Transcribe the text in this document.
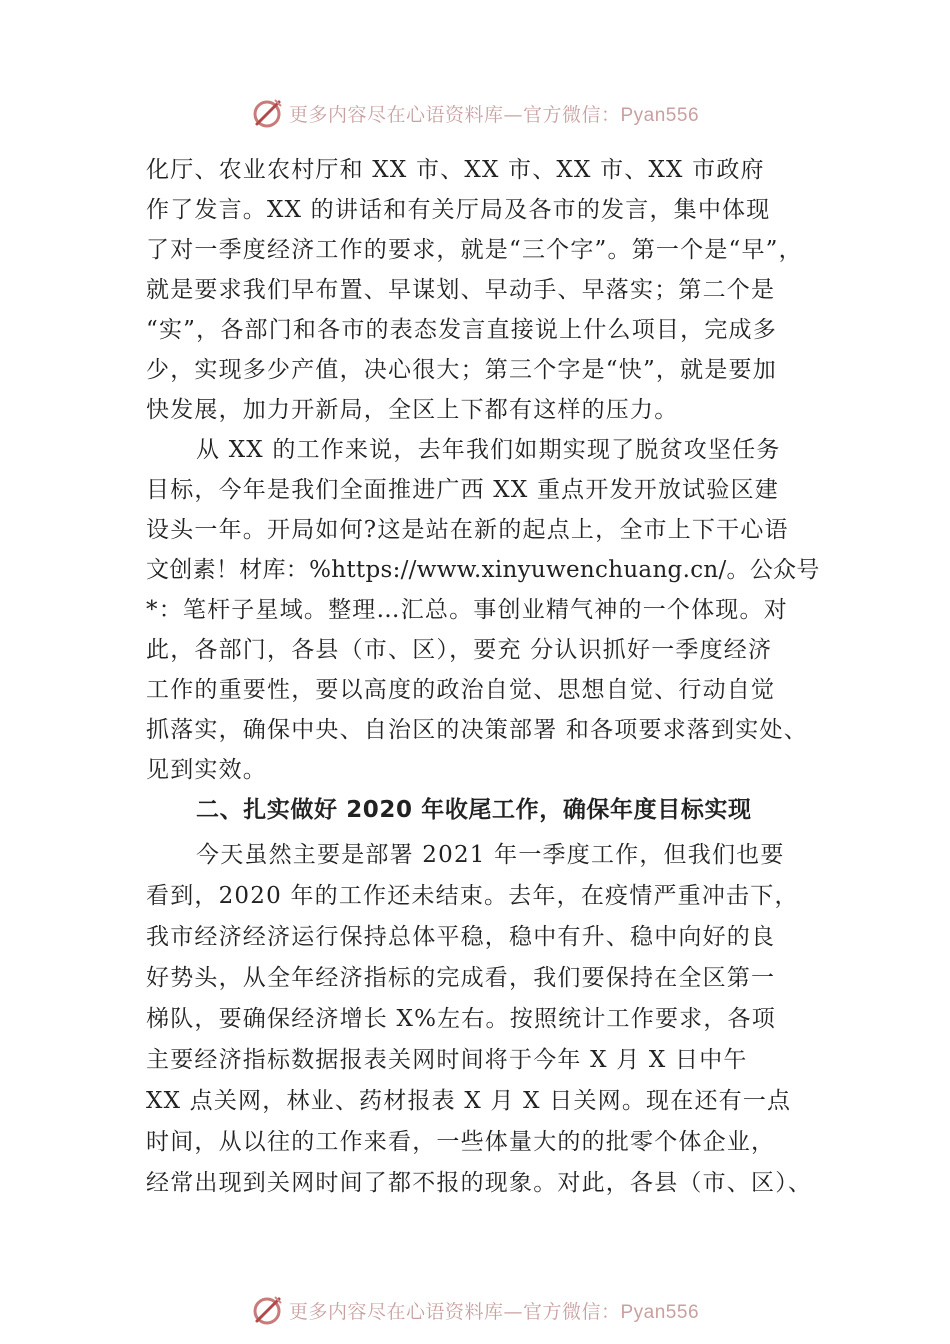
更多内容尽在心语资料库—官方微信：Pyan556
化厅、农业农村厅和 XX 市、XX 市、XX 市、XX 市政府
作了发言。XX 的讲话和有关厅局及各市的发言，集中体现
了对一季度经济工作的要求，就是“三个字”。第一个是“早”，
就是要求我们早布置、早谋划、早动手、早落实；第二个是
“实”，各部门和各市的表态发言直接说上什么项目，完成多
少，实现多少产值，决心很大；第三个字是“快”，就是要加
快发展，加力开新局，全区上下都有这样的压力。
从 XX 的工作来说，去年我们如期实现了脱贫攻坚任务
目标，今年是我们全面推进广西 XX 重点开发开放试验区建
设头一年。开局如何?这是站在新的起点上，全市上下干心语
文创素！材库：%https://www.xinyuwenchuang.cn/。公众号
*：笔杆子星域。整理…汇总。事创业精气神的一个体现。对
此，各部门，各县（市、区），要充 分认识抓好一季度经济
工作的重要性，要以高度的政治自觉、思想自觉、行动自觉
抓落实，确保中央、自治区的决策部署 和各项要求落到实处、
见到实效。
二、扎实做好 2020 年收尾工作，确保年度目标实现
今天虽然主要是部署 2021 年一季度工作，但我们也要
看到，2020 年的工作还未结束。去年，在疫情严重冲击下，
我市经济经济运行保持总体平稳，稳中有升、稳中向好的良
好势头，从全年经济指标的完成看，我们要保持在全区第一
梯队，要确保经济增长 X%左右。按照统计工作要求，各项
主要经济指标数据报表关网时间将于今年 X 月 X 日中午
XX 点关网，林业、药材报表 X 月 X 日关网。现在还有一点
时间，从以往的工作来看，一些体量大的的批零个体企业，
经常出现到关网时间了都不报的现象。对此，各县（市、区）、
更多内容尽在心语资料库—官方微信：Pyan556
